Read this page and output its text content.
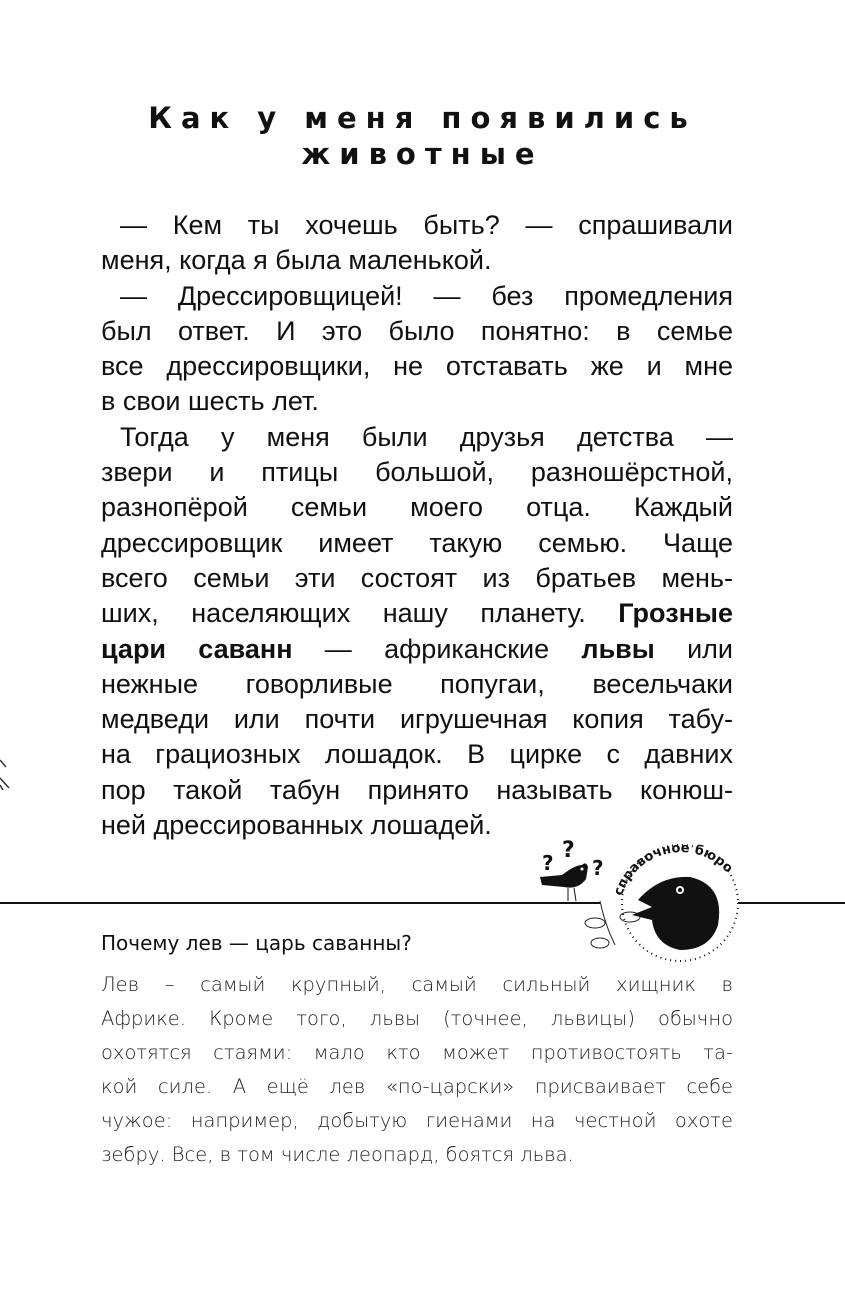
Как у меня появились
животные
— Кем ты хочешь быть? — спрашивали
меня, когда я была маленькой.
— Дрессировщицей! — без промедления
был ответ. И это было понятно: в семье
все дрессировщики, не отставать же и мне
в свои шесть лет.
Тогда у меня были друзья детства —
звери и птицы большой, разношёрстной,
разнопёрой семьи моего отца. Каждый
дрессировщик имеет такую семью. Чаще
всего семьи эти состоят из братьев мень-
ших, населяющих нашу планету. Грозные
цари саванн — африканские львы или
нежные говорливые попугаи, весельчаки
медведи или почти игрушечная копия табу-
на грациозных лошадок. В цирке с давних
пор такой табун принято называть конюш-
ней дрессированных лошадей.
? ?
?
справочное бюро
Почему лев — царь саванны?
Лев – самый крупный, самый сильный хищник в
Африке. Кроме того, львы (точнее, львицы) обычно
охотятся стаями: мало кто может противостоять та-
кой силе. А ещё лев «по-царски» присваивает себе
чужое: например, добытую гиенами на честной охоте
зебру. Все, в том числе леопард, боятся льва.
